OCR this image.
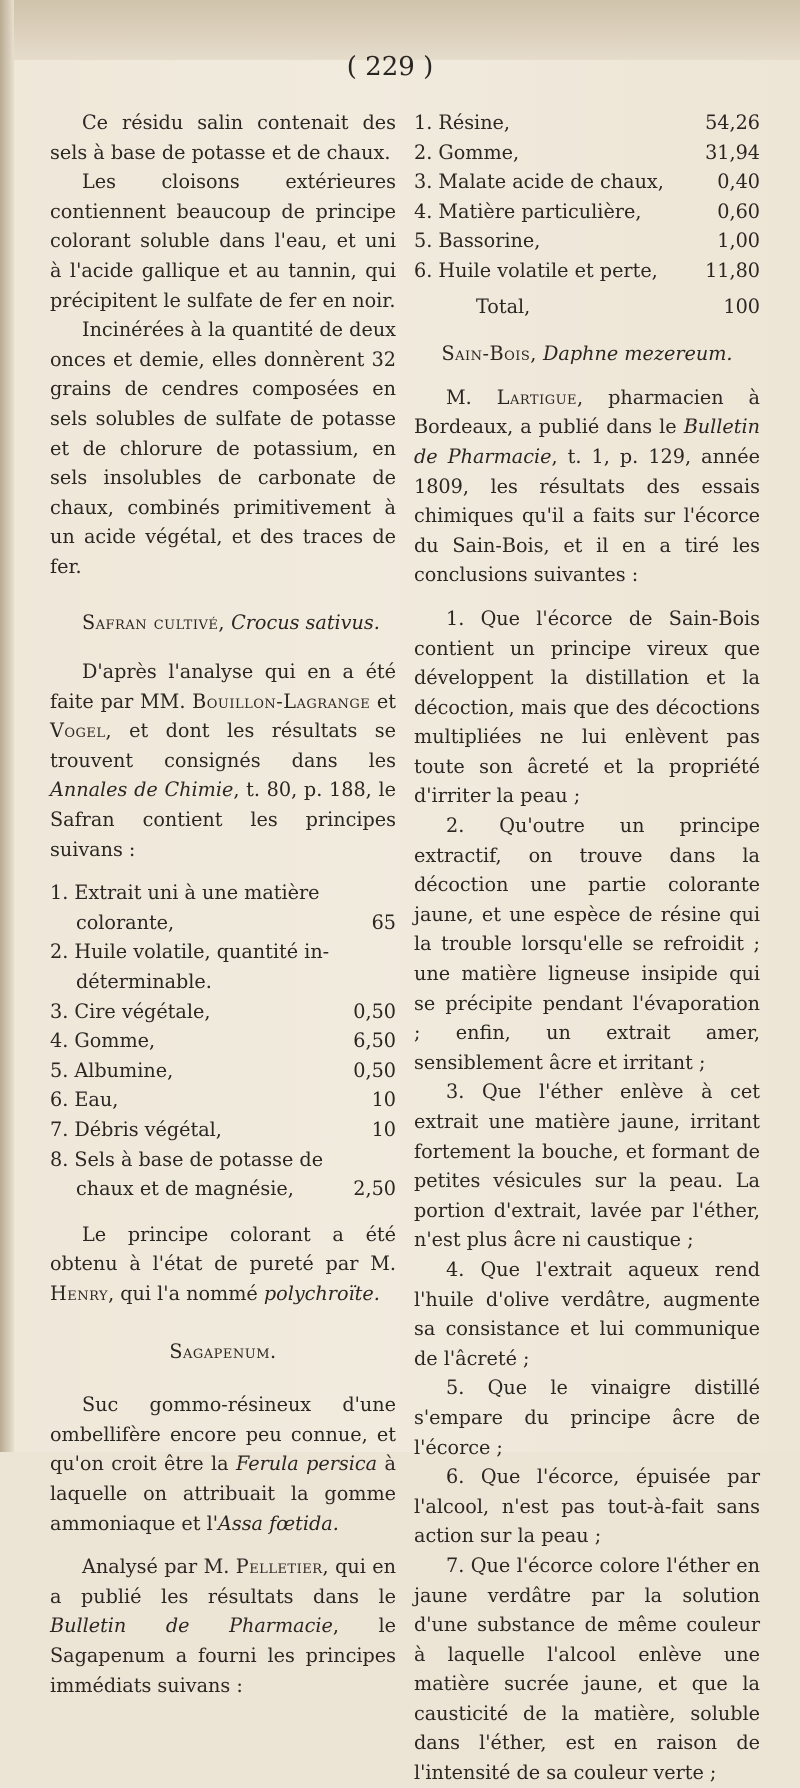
( 229 )

Ce résidu salin contenait des sels à base de potasse et de chaux.

Les cloisons extérieures contiennent beaucoup de principe colorant soluble dans l'eau, et uni à l'acide gallique et au tannin, qui précipitent le sulfate de fer en noir.

Incinérées à la quantité de deux onces et demie, elles donnèrent 32 grains de cendres composées en sels solubles de sulfate de potasse et de chlorure de potassium, en sels insolubles de carbonate de chaux, combinés primitivement à un acide végétal, et des traces de fer.

Safran cultivé, Crocus sativus.

D'après l'analyse qui en a été faite par MM. Bouillon-Lagrange et Vogel, et dont les résultats se trouvent consignés dans les Annales de Chimie, t. 80, p. 188, le Safran contient les principes suivans :

1. Extrait uni à une matière
colorante,	65
2. Huile volatile, quantité in-
déterminable.
3. Cire végétale,	0,50
4. Gomme,	6,50
5. Albumine,	0,50
6. Eau,	10
7. Débris végétal,	10
8. Sels à base de potasse de
chaux et de magnésie,	2,50

Le principe colorant a été obtenu à l'état de pureté par M. Henry, qui l'a nommé polychroïte.

Sagapenum.

Suc gommo-résineux d'une ombellifère encore peu connue, et qu'on croit être la Ferula persica à laquelle on attribuait la gomme ammoniaque et l'Assa fœtida.

Analysé par M. Pelletier, qui en a publié les résultats dans le Bulletin de Pharmacie, le Sagapenum a fourni les principes immédiats suivans :

1. Résine,	54,26
2. Gomme,	31,94
3. Malate acide de chaux,	0,40
4. Matière particulière,	0,60
5. Bassorine,	1,00
6. Huile volatile et perte,	11,80
Total,	100

Sain-Bois, Daphne mezereum.

M. Lartigue, pharmacien à Bordeaux, a publié dans le Bulletin de Pharmacie, t. 1, p. 129, année 1809, les résultats des essais chimiques qu'il a faits sur l'écorce du Sain-Bois, et il en a tiré les conclusions suivantes :

1. Que l'écorce de Sain-Bois contient un principe vireux que développent la distillation et la décoction, mais que des décoctions multipliées ne lui enlèvent pas toute son âcreté et la propriété d'irriter la peau ;

2. Qu'outre un principe extractif, on trouve dans la décoction une partie colorante jaune, et une espèce de résine qui la trouble lorsqu'elle se refroidit ; une matière ligneuse insipide qui se précipite pendant l'évaporation ; enfin, un extrait amer, sensiblement âcre et irritant ;

3. Que l'éther enlève à cet extrait une matière jaune, irritant fortement la bouche, et formant de petites vésicules sur la peau. La portion d'extrait, lavée par l'éther, n'est plus âcre ni caustique ;

4. Que l'extrait aqueux rend l'huile d'olive verdâtre, augmente sa consistance et lui communique de l'âcreté ;

5. Que le vinaigre distillé s'empare du principe âcre de l'écorce ;

6. Que l'écorce, épuisée par l'alcool, n'est pas tout-à-fait sans action sur la peau ;

7. Que l'écorce colore l'éther en jaune verdâtre par la solution d'une substance de même couleur à laquelle l'alcool enlève une matière sucrée jaune, et que la causticité de la matière, soluble dans l'éther, est en raison de l'intensité de sa couleur verte ;
